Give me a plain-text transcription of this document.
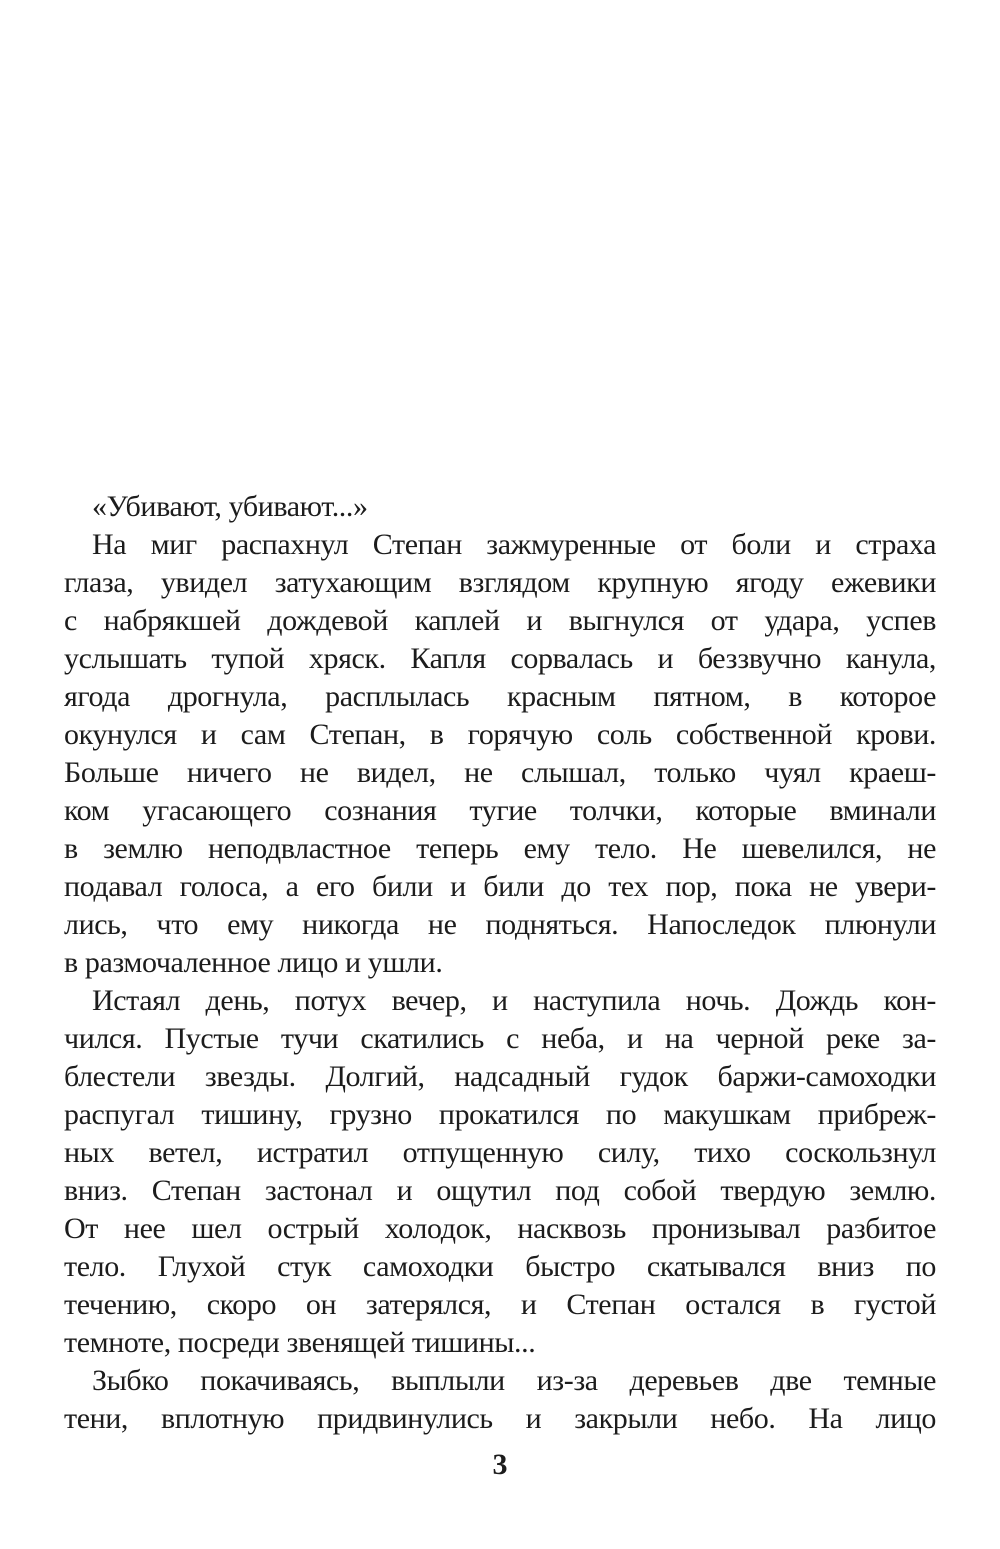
«Убивают, убивают...»
На миг распахнул Степан зажмуренные от боли и страха
глаза, увидел затухающим взглядом крупную ягоду ежевики
с набрякшей дождевой каплей и выгнулся от удара, успев
услышать тупой хряск. Капля сорвалась и беззвучно канула,
ягода дрогнула, расплылась красным пятном, в которое
окунулся и сам Степан, в горячую соль собственной крови.
Больше ничего не видел, не слышал, только чуял краеш-
ком угасающего сознания тугие толчки, которые вминали
в землю неподвластное теперь ему тело. Не шевелился, не
подавал голоса, а его били и били до тех пор, пока не увери-
лись, что ему никогда не подняться. Напоследок плюнули
в размочаленное лицо и ушли.
Истаял день, потух вечер, и наступила ночь. Дождь кон-
чился. Пустые тучи скатились с неба, и на черной реке за-
блестели звезды. Долгий, надсадный гудок баржи-самоходки
распугал тишину, грузно прокатился по макушкам прибреж-
ных ветел, истратил отпущенную силу, тихо соскользнул
вниз. Степан застонал и ощутил под собой твердую землю.
От нее шел острый холодок, насквозь пронизывал разбитое
тело. Глухой стук самоходки быстро скатывался вниз по
течению, скоро он затерялся, и Степан остался в густой
темноте, посреди звенящей тишины...
Зыбко покачиваясь, выплыли из-за деревьев две темные
тени, вплотную придвинулись и закрыли небо. На лицо
3
